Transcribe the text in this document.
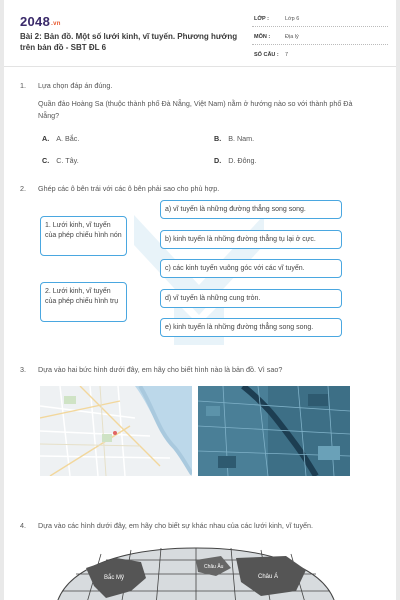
2048.vn
Bài 2: Bản đồ. Một số lưới kinh, vĩ tuyến. Phương hướng trên bản đồ - SBT ĐL 6
LỚP :	Lớp 6
MÔN :	Địa lý
SỐ CÂU : 7
1. Lựa chọn đáp án đúng.
Quần đảo Hoàng Sa (thuộc thành phố Đà Nẵng, Việt Nam) nằm ở hướng nào so với thành phố Đà Nẵng?
A. A. Bắc.	B. B. Nam.
C. C. Tây.	D. D. Đông.
2. Ghép các ô bên trái với các ô bên phải sao cho phù hợp.
1. Lưới kinh, vĩ tuyến của phép chiếu hình nón
2. Lưới kinh, vĩ tuyến của phép chiếu hình trụ
a) vĩ tuyến là những đường thẳng song song.
b) kinh tuyến là những đường thẳng tụ lại ở cực.
c) các kinh tuyến vuông góc với các vĩ tuyến.
d) vĩ tuyến là những cung tròn.
e) kinh tuyến là những đường thẳng song song.
3. Dựa vào hai bức hình dưới đây, em hãy cho biết hình nào là bản đồ. Vì sao?
4. Dựa vào các hình dưới đây, em hãy cho biết sự khác nhau của các lưới kinh, vĩ tuyến.
Bắc Mỹ
Châu Âu
Châu Á
